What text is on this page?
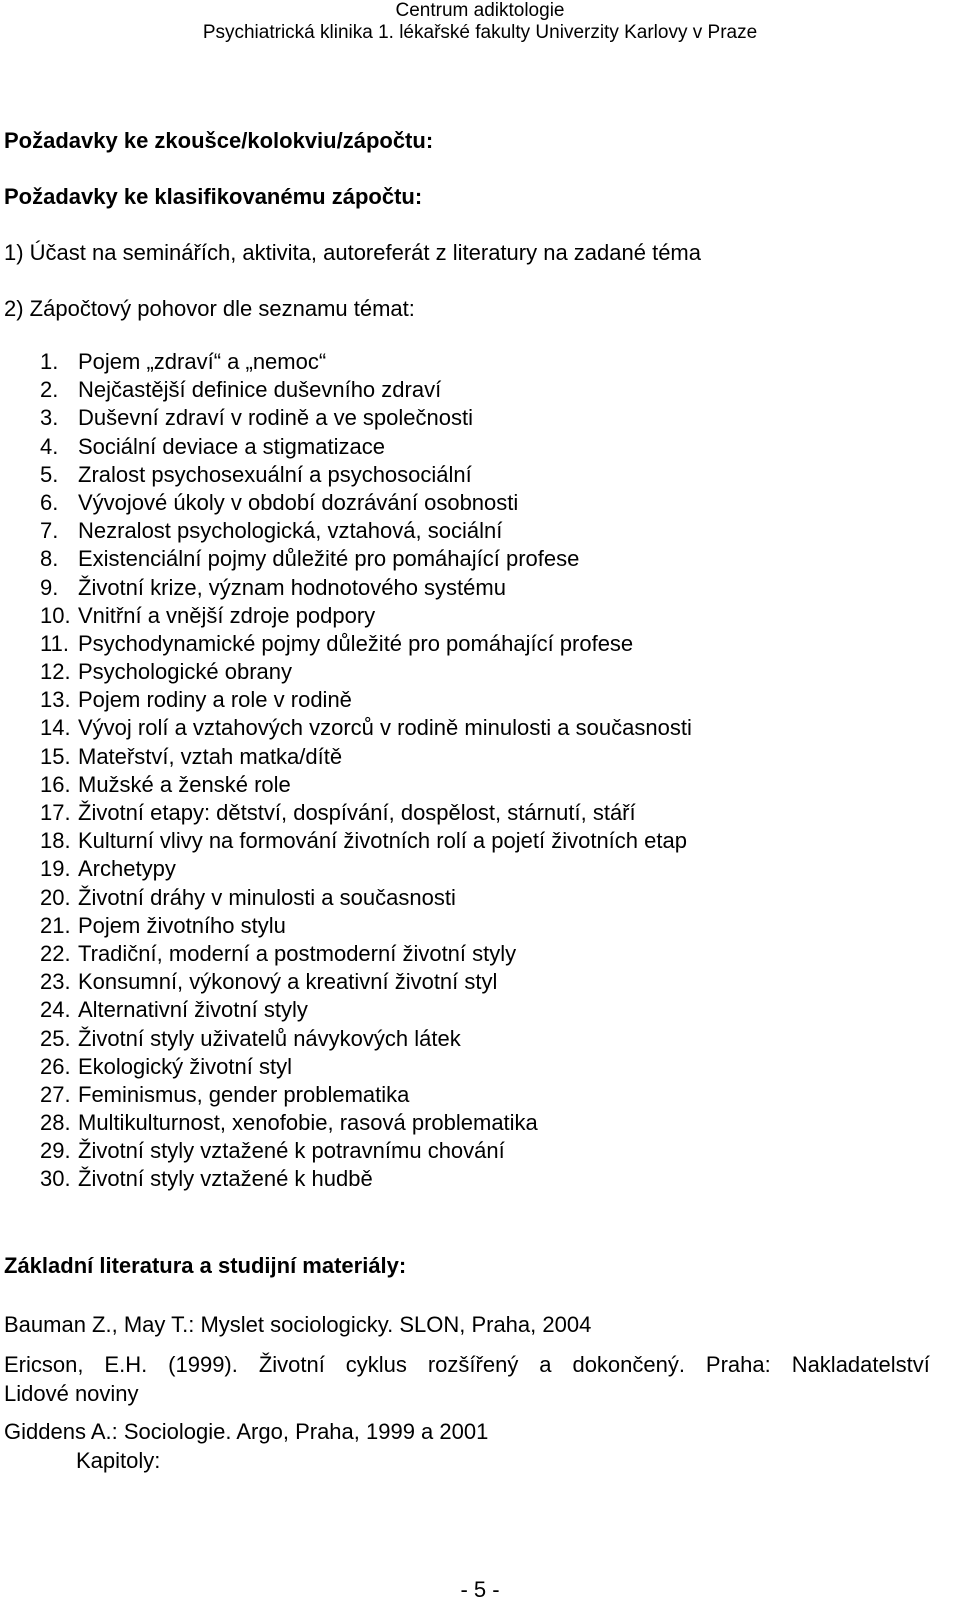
Centrum adiktologie
Psychiatrická klinika 1. lékařské fakulty Univerzity Karlovy v Praze
Požadavky ke zkoušce/kolokviu/zápočtu:
Požadavky ke klasifikovanému zápočtu:
1) Účast na seminářích, aktivita, autoreferát z literatury na zadané téma
2) Zápočtový pohovor dle seznamu témat:
1. Pojem „zdraví“ a „nemoc“
2. Nejčastější definice duševního zdraví
3. Duševní zdraví v rodině a ve společnosti
4. Sociální deviace a stigmatizace
5. Zralost psychosexuální a psychosociální
6. Vývojové úkoly v období dozrávání osobnosti
7. Nezralost psychologická, vztahová, sociální
8. Existenciální pojmy důležité pro pomáhající profese
9. Životní krize, význam hodnotového systému
10. Vnitřní a vnější zdroje podpory
11. Psychodynamické pojmy důležité pro pomáhající profese
12. Psychologické obrany
13. Pojem rodiny a role v rodině
14. Vývoj rolí a vztahových vzorců v rodině minulosti a současnosti
15. Mateřství, vztah matka/dítě
16. Mužské a ženské role
17. Životní etapy: dětství, dospívání, dospělost, stárnutí, stáří
18. Kulturní vlivy na formování životních rolí a pojetí životních etap
19. Archetypy
20. Životní dráhy v minulosti a současnosti
21. Pojem životního stylu
22. Tradiční, moderní a postmoderní životní styly
23. Konsumní, výkonový a kreativní životní styl
24. Alternativní životní styly
25. Životní styly uživatelů návykových látek
26. Ekologický životní styl
27. Feminismus, gender problematika
28. Multikulturnost, xenofobie, rasová problematika
29. Životní styly vztažené k potravnímu chování
30. Životní styly vztažené k hudbě
Základní literatura a studijní materiály:
Bauman Z., May T.: Myslet sociologicky. SLON, Praha, 2004
Ericson, E.H. (1999). Životní cyklus rozšířený a dokončený. Praha: Nakladatelství
Lidové noviny
Giddens A.: Sociologie. Argo, Praha, 1999 a 2001
Kapitoly:
- 5 -
